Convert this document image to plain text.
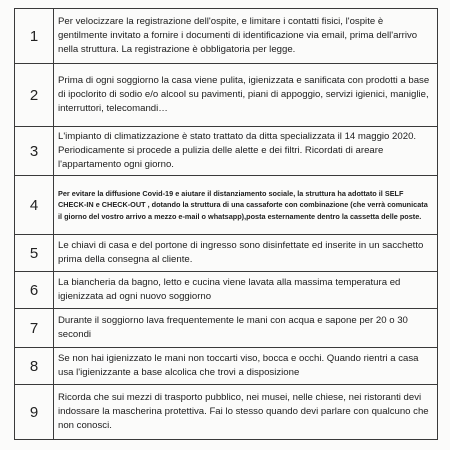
1	Per velocizzare la registrazione dell'ospite, e limitare i contatti fisici, l'ospite è gentilmente invitato a fornire i documenti di identificazione via email, prima dell'arrivo nella struttura. La registrazione è obbligatoria per legge.
2	Prima di ogni soggiorno la casa viene pulita, igienizzata e sanificata con prodotti a base di ipoclorito di sodio e/o alcool su pavimenti, piani di appoggio, servizi igienici, maniglie, interruttori, telecomandi…
3	L'impianto di climatizzazione è stato trattato da ditta specializzata il 14 maggio 2020. Periodicamente si procede a pulizia delle alette e dei filtri. Ricordati di areare l'appartamento ogni giorno.
4	Per evitare la diffusione Covid-19 e aiutare il distanziamento sociale, la struttura ha adottato il SELF CHECK-IN e CHECK-OUT , dotando la struttura di una cassaforte con combinazione (che verrà comunicata il giorno del vostro arrivo a mezzo e-mail o whatsapp),posta esternamente dentro la cassetta delle poste.
5	Le chiavi di casa e del portone di ingresso sono disinfettate ed inserite in un sacchetto prima della consegna al cliente.
6	La biancheria da bagno, letto e cucina viene lavata alla massima temperatura ed igienizzata ad ogni nuovo soggiorno
7	Durante il soggiorno lava frequentemente le mani con acqua e sapone per 20 o 30 secondi
8	Se non hai igienizzato le mani non toccarti viso, bocca e occhi. Quando rientri a casa usa l'igienizzante a base alcolica che trovi a disposizione
9	Ricorda che sui mezzi di trasporto pubblico, nei musei, nelle chiese, nei ristoranti devi indossare la mascherina protettiva. Fai lo stesso quando devi parlare con qualcuno che non conosci.
